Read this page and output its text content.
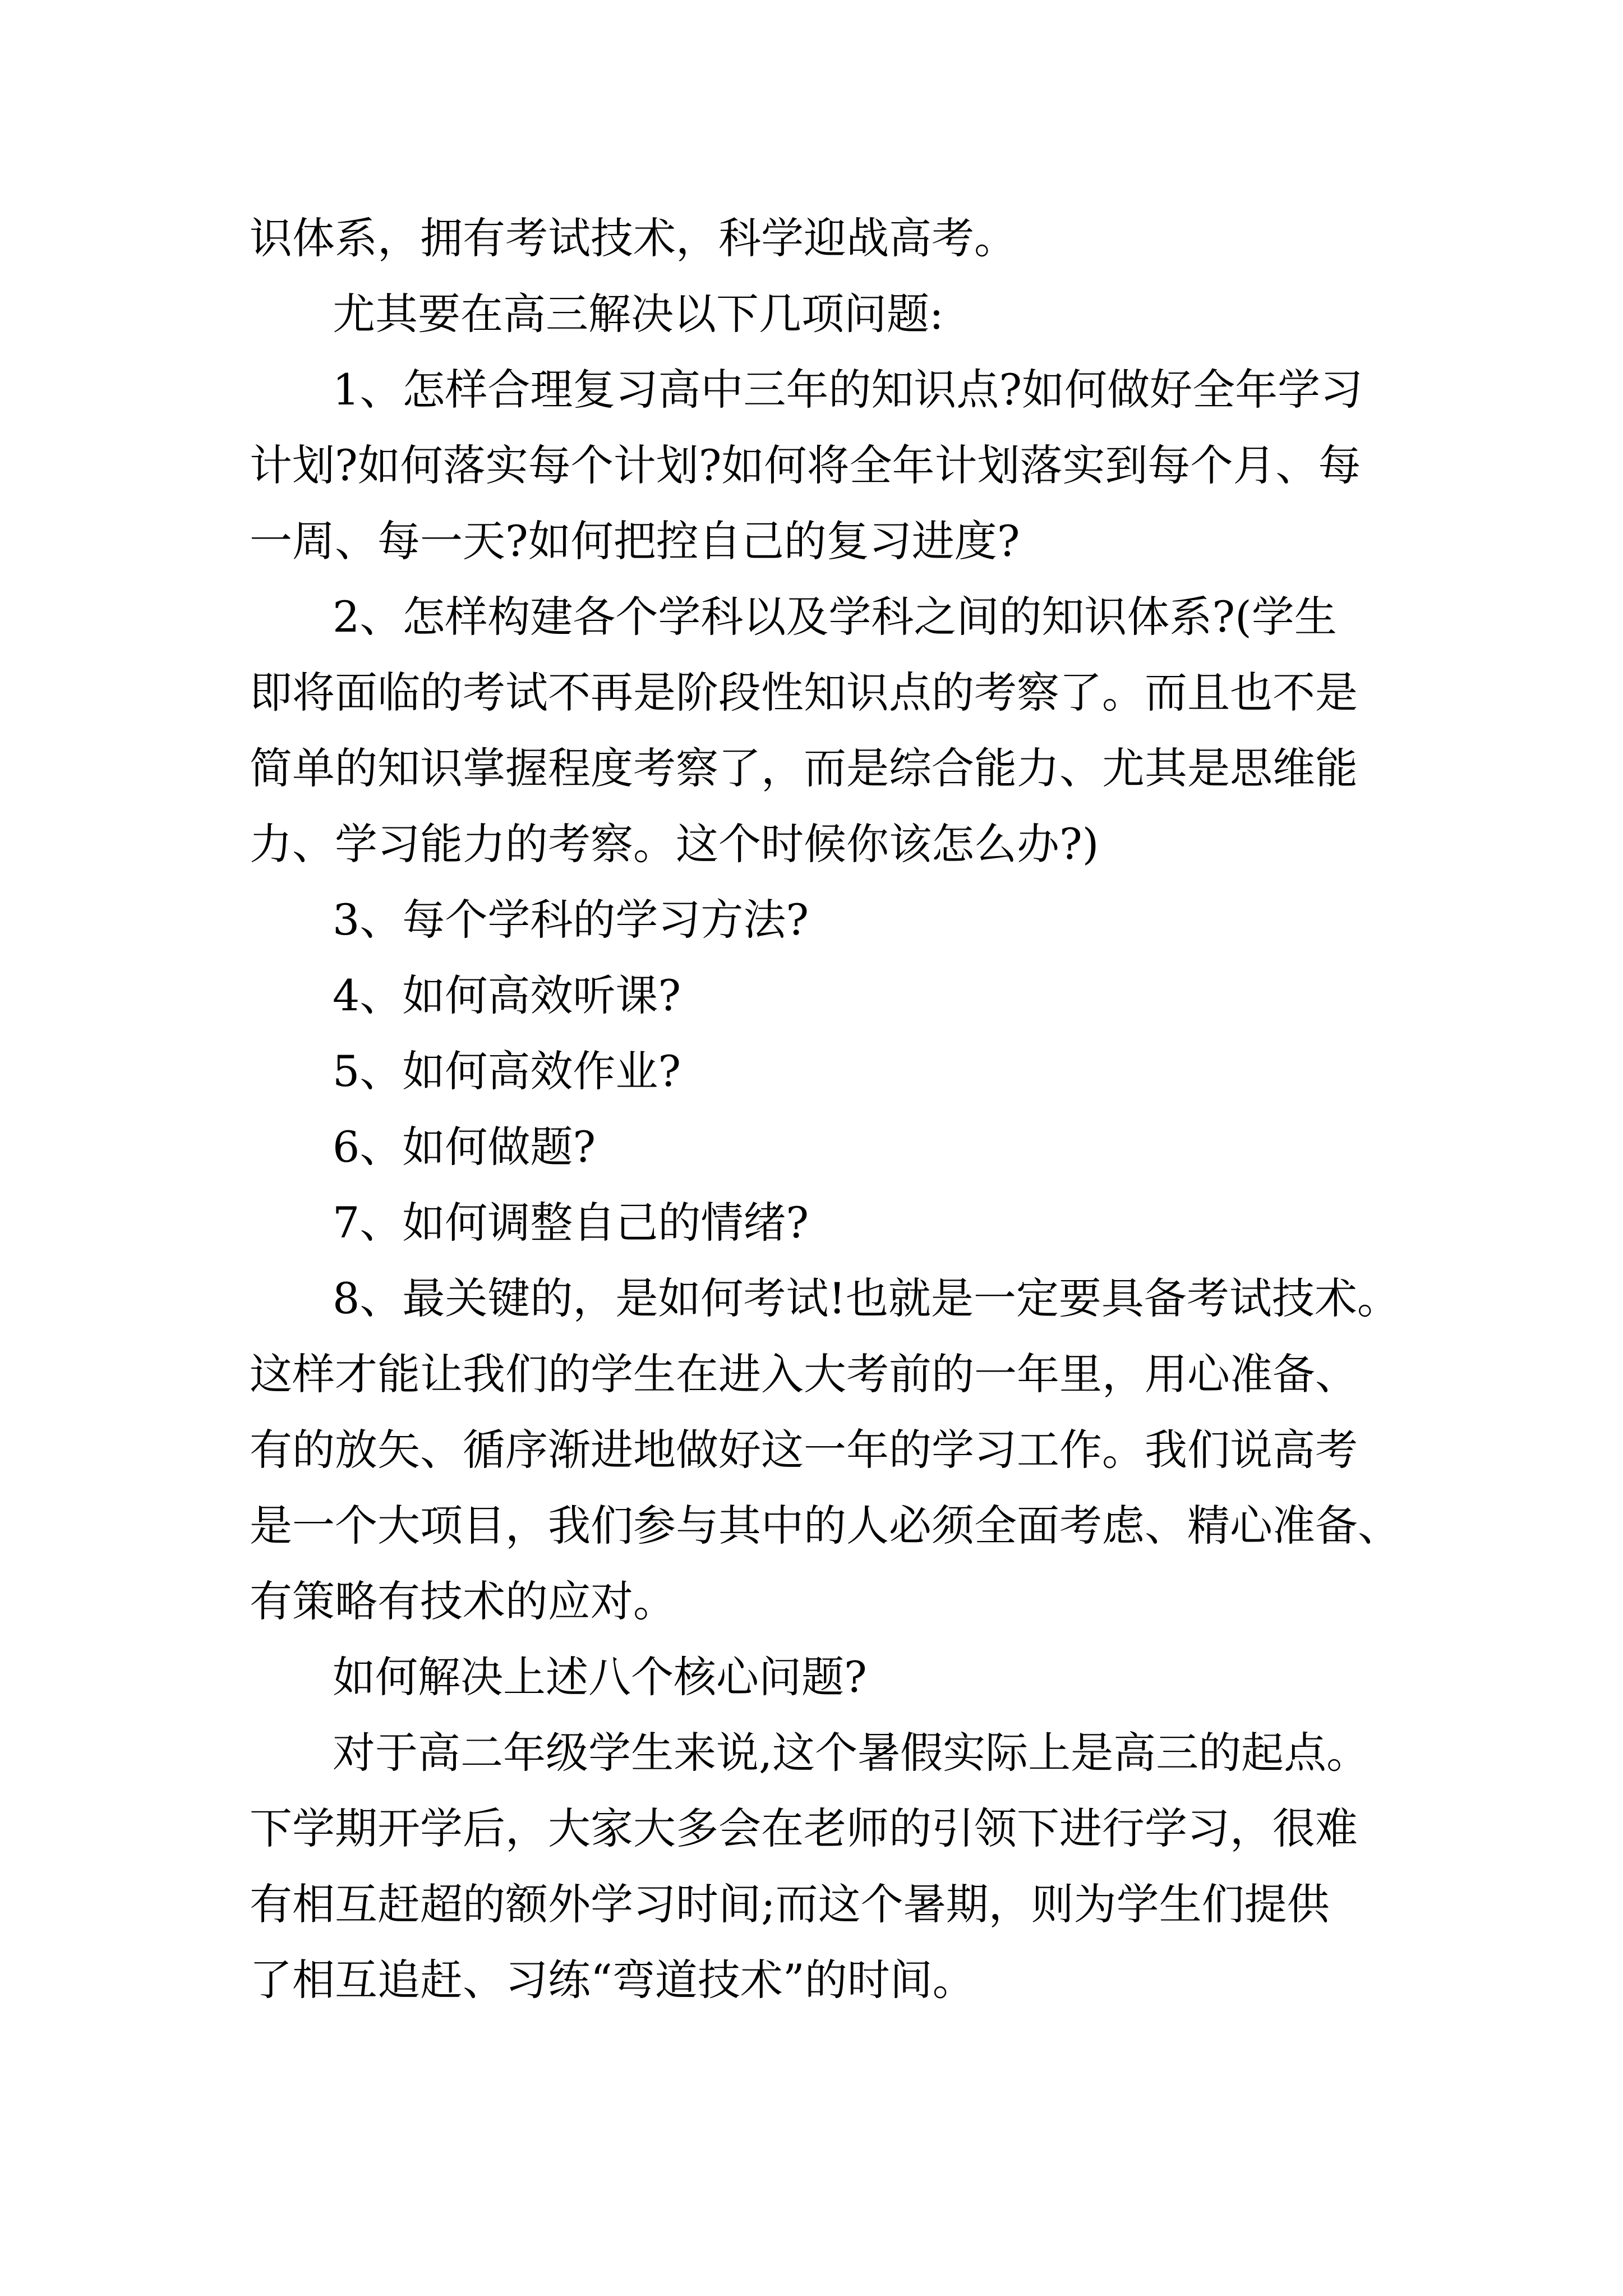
识体系，拥有考试技术，科学迎战高考。
尤其要在高三解决以下几项问题:
1、怎样合理复习高中三年的知识点?如何做好全年学习
计划?如何落实每个计划?如何将全年计划落实到每个月、每
一周、每一天?如何把控自己的复习进度?
2、怎样构建各个学科以及学科之间的知识体系?(学生
即将面临的考试不再是阶段性知识点的考察了。而且也不是
简单的知识掌握程度考察了，而是综合能力、尤其是思维能
力、学习能力的考察。这个时候你该怎么办?)
3、每个学科的学习方法?
4、如何高效听课?
5、如何高效作业?
6、如何做题?
7、如何调整自己的情绪?
8、最关键的，是如何考试!也就是一定要具备考试技术。
这样才能让我们的学生在进入大考前的一年里，用心准备、
有的放矢、循序渐进地做好这一年的学习工作。我们说高考
是一个大项目，我们参与其中的人必须全面考虑、精心准备、
有策略有技术的应对。
如何解决上述八个核心问题?
对于高二年级学生来说,这个暑假实际上是高三的起点。
下学期开学后，大家大多会在老师的引领下进行学习，很难
有相互赶超的额外学习时间;而这个暑期，则为学生们提供
了相互追赶、习练“弯道技术”的时间。
